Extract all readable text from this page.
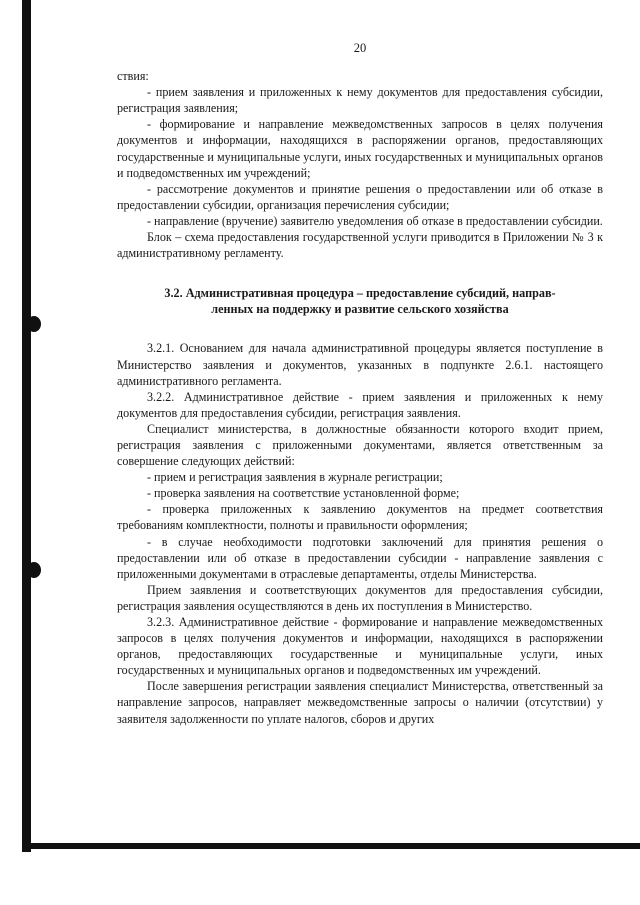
20

ствия:

- прием заявления и приложенных к нему документов для предоставления субсидии, регистрация заявления;

- формирование и направление межведомственных запросов в целях получения документов и информации, находящихся в распоряжении органов, предоставляющих государственные и муниципальные услуги, иных государственных и муниципальных органов и подведомственных им учреждений;

- рассмотрение документов и принятие решения о предоставлении или об отказе в предоставлении субсидии, организация перечисления субсидии;

- направление (вручение) заявителю уведомления об отказе в предоставлении субсидии.

Блок – схема предоставления государственной услуги приводится в Приложении № 3 к административному регламенту.

3.2. Административная процедура – предоставление субсидий, направ-
ленных на поддержку и развитие сельского хозяйства

3.2.1. Основанием для начала административной процедуры является поступление в Министерство заявления и документов, указанных в подпункте 2.6.1. настоящего административного регламента.

3.2.2. Административное действие - прием заявления и приложенных к нему документов для предоставления субсидии, регистрация заявления.

Специалист министерства, в должностные обязанности которого входит прием, регистрация заявления с приложенными документами, является ответственным за совершение следующих действий:

- прием и регистрация заявления в журнале регистрации;

- проверка заявления на соответствие установленной форме;

- проверка приложенных к заявлению документов на предмет соответствия требованиям комплектности, полноты и правильности оформления;

- в случае необходимости подготовки заключений для принятия решения о предоставлении или об отказе в предоставлении субсидии - направление заявления с приложенными документами в отраслевые департаменты, отделы Министерства.

Прием заявления и соответствующих документов для предоставления субсидии, регистрация заявления осуществляются в день их поступления в Министерство.

3.2.3. Административное действие - формирование и направление межведомственных запросов в целях получения документов и информации, находящихся в распоряжении органов, предоставляющих государственные и муниципальные услуги, иных государственных и муниципальных органов и подведомственных им учреждений.

После завершения регистрации заявления специалист Министерства, ответственный за направление запросов, направляет межведомственные запросы о наличии (отсутствии) у заявителя задолженности по уплате налогов, сборов и других
